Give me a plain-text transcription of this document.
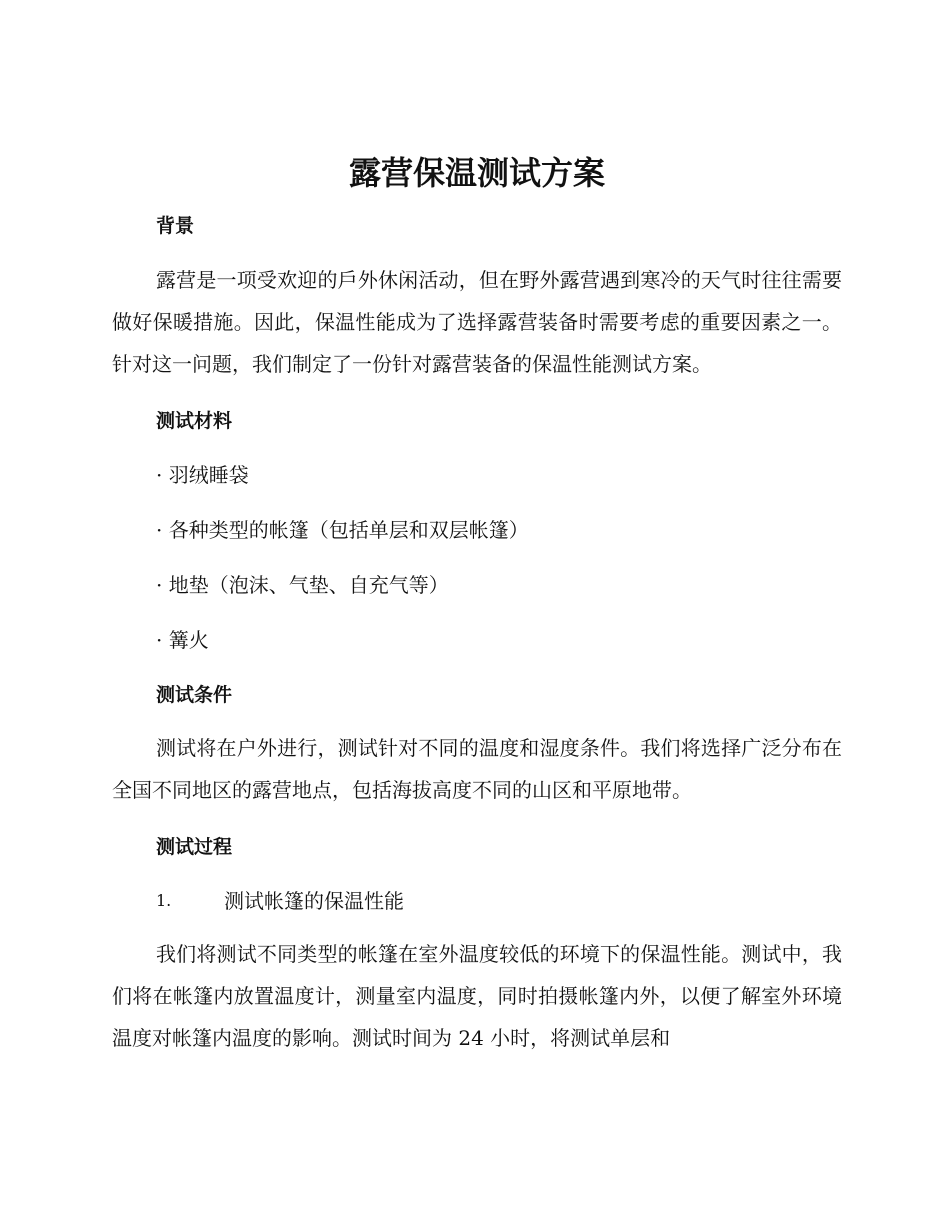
露营保温测试方案
背景

露营是一项受欢迎的戶外休闲活动，但在野外露营遇到寒冷的天气时往往需要做好保暖措施。因此，保温性能成为了选择露营装备时需要考虑的重要因素之一。针对这一问题，我们制定了一份针对露营装备的保温性能测试方案。

测试材料

· 羽绒睡袋

· 各种类型的帐篷（包括单层和双层帐篷）

· 地垫（泡沫、气垫、自充气等）

· 篝火

测试条件

测试将在户外进行，测试针对不同的温度和湿度条件。我们将选择广泛分布在全国不同地区的露营地点，包括海拔高度不同的山区和平原地带。

测试过程

1.	测试帐篷的保温性能

我们将测试不同类型的帐篷在室外温度较低的环境下的保温性能。测试中，我们将在帐篷内放置温度计，测量室内温度，同时拍摄帐篷内外，以便了解室外环境温度对帐篷内温度的影响。测试时间为 24 小时，将测试单层和
